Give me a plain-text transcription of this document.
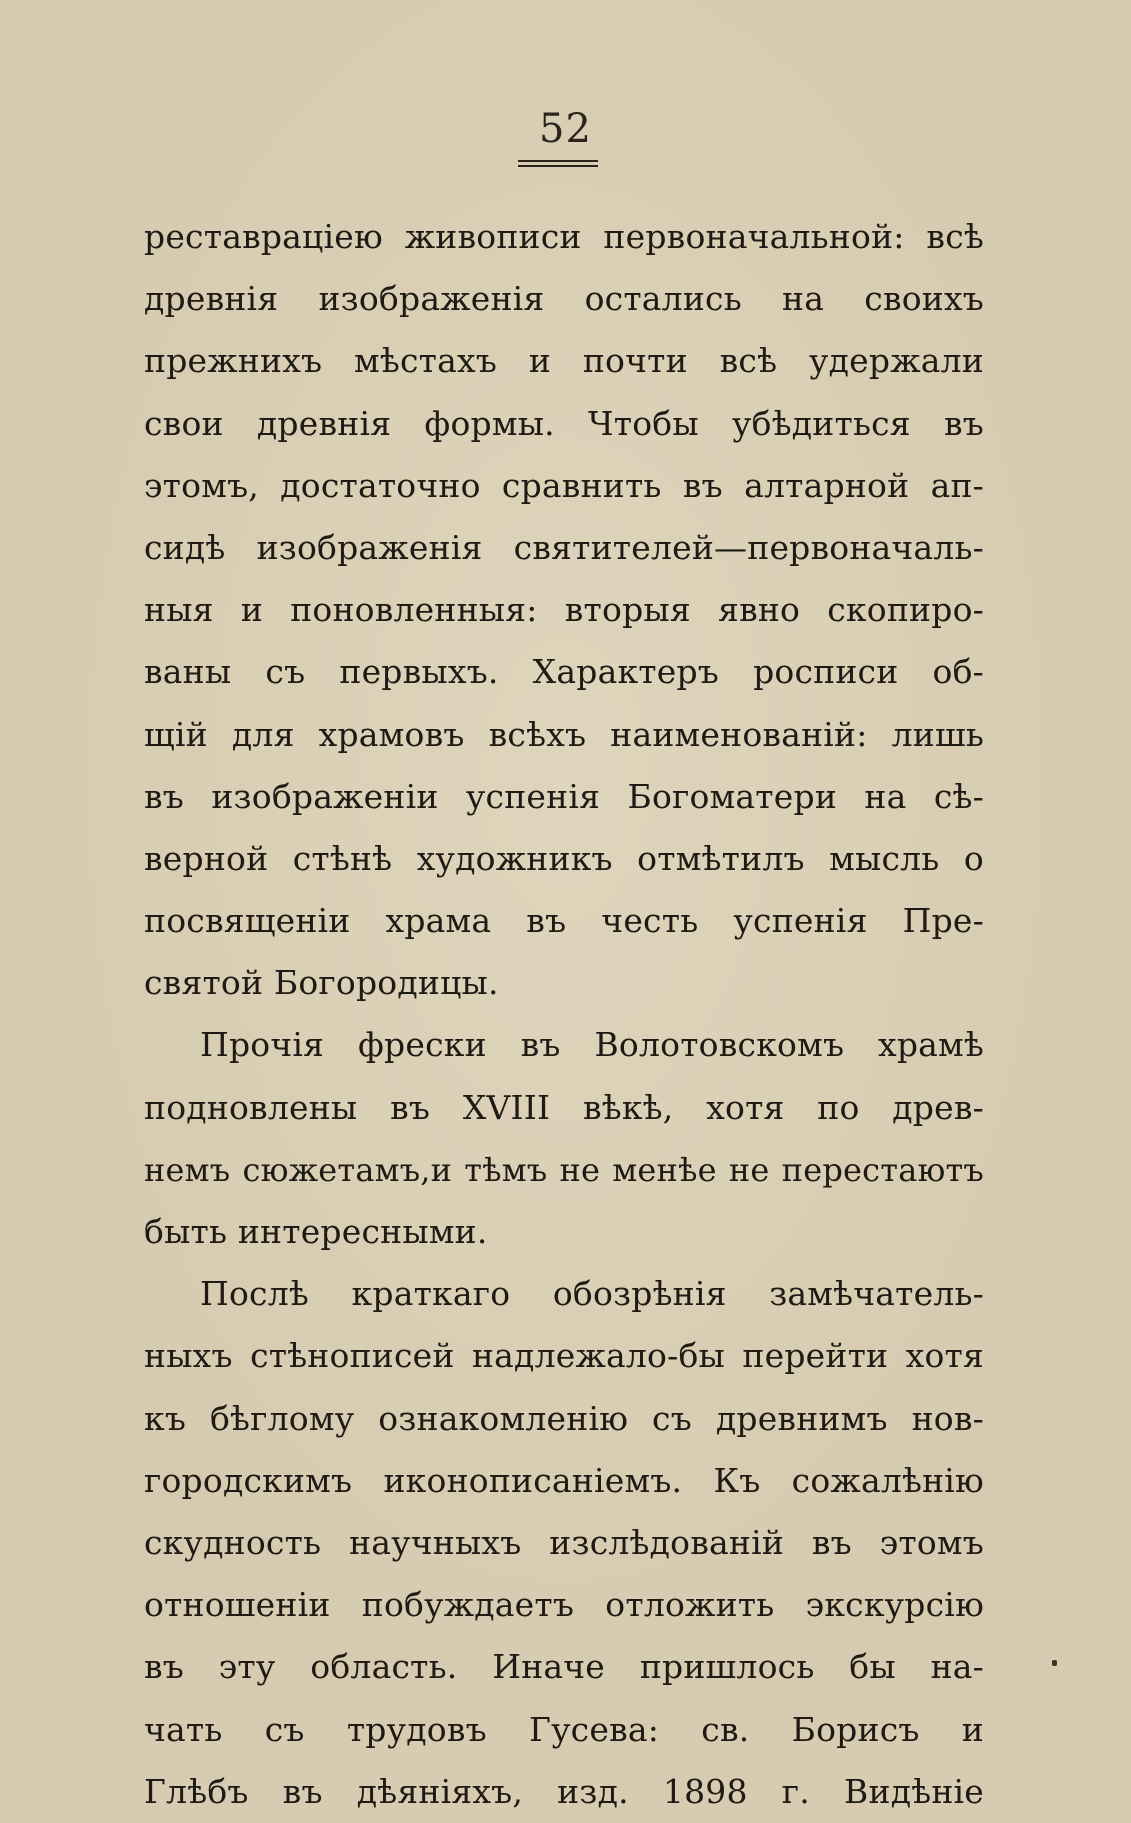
52
реставраціею живописи первоначальной: всѣ
древнія изображенія остались на своихъ
прежнихъ мѣстахъ и почти всѣ удержали
свои древнія формы. Чтобы убѣдиться въ
этомъ, достаточно сравнить въ алтарной ап-
сидѣ изображенія святителей—первоначаль-
ныя и поновленныя: вторыя явно скопиро-
ваны съ первыхъ. Характеръ росписи об-
щій для храмовъ всѣхъ наименованій: лишь
въ изображеніи успенія Богоматери на сѣ-
верной стѣнѣ художникъ отмѣтилъ мысль о
посвященіи храма въ честь успенія Пре-
святой Богородицы.
Прочія фрески въ Волотовскомъ храмѣ
подновлены въ XVIII вѣкѣ, хотя по древ-
немъ сюжетамъ,и тѣмъ не менѣе не перестаютъ
быть интересными.
Послѣ краткаго обозрѣнія замѣчатель-
ныхъ стѣнописей надлежало-бы перейти хотя
къ бѣглому ознакомленію съ древнимъ нов-
городскимъ иконописаніемъ. Къ сожалѣнію
скудность научныхъ изслѣдованій въ этомъ
отношеніи побуждаетъ отложить экскурсію
въ эту область. Иначе пришлось бы на-
чать съ трудовъ Гусева: св. Борисъ и
Глѣбъ въ дѣяніяхъ, изд. 1898 г. Видѣніе
